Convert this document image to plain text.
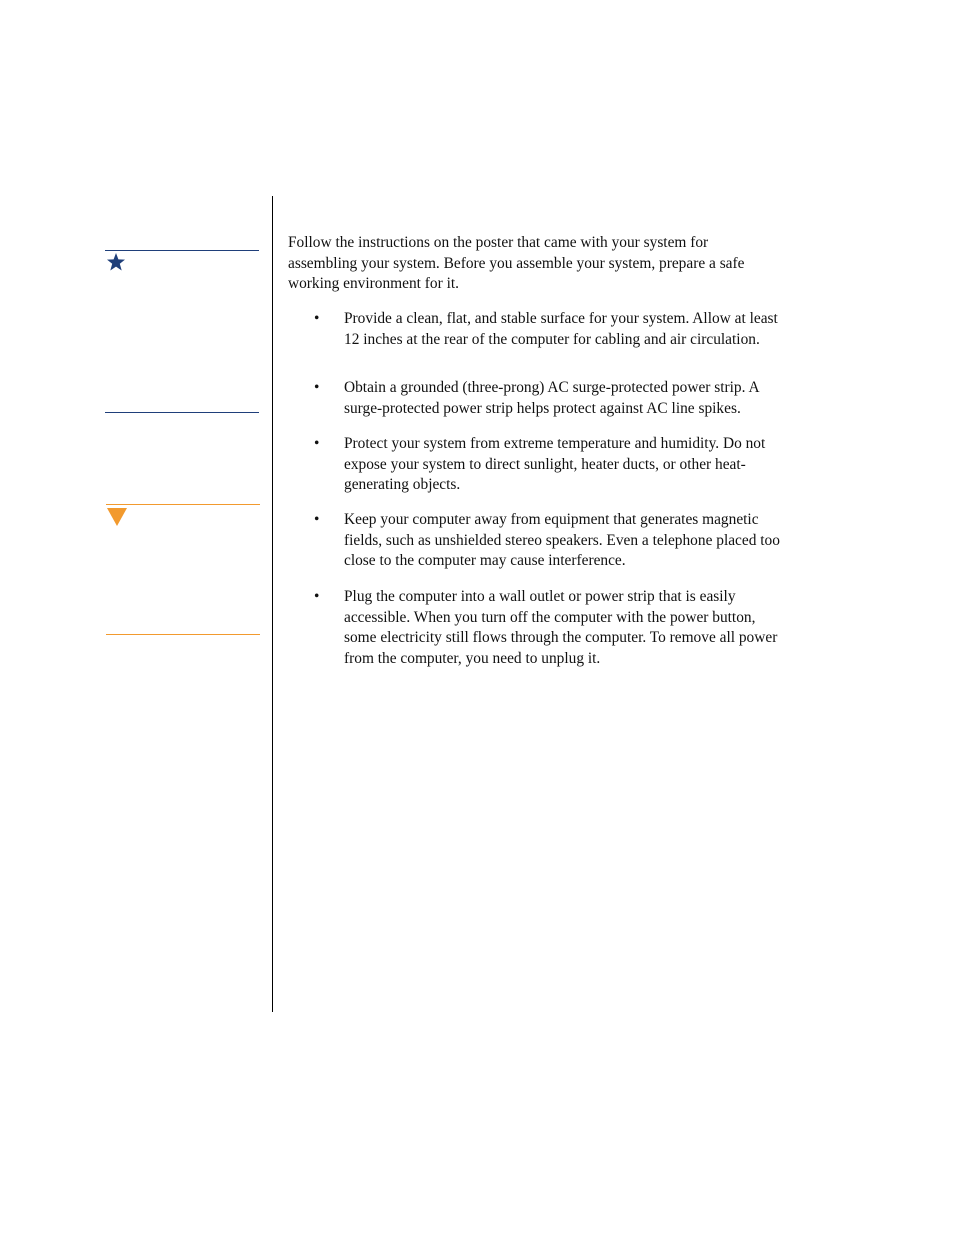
Follow the instructions on the poster that came with your system for assembling your system. Before you assemble your system, prepare a safe working environment for it.
•	Provide a clean, flat, and stable surface for your system. Allow at least 12 inches at the rear of the computer for cabling and air circulation.
•	Obtain a grounded (three-prong) AC surge-protected power strip. A surge-protected power strip helps protect against AC line spikes.
•	Protect your system from extreme temperature and humidity. Do not expose your system to direct sunlight, heater ducts, or other heat-generating objects.
•	Keep your computer away from equipment that generates magnetic fields, such as unshielded stereo speakers. Even a telephone placed too close to the computer may cause interference.
•	Plug the computer into a wall outlet or power strip that is easily accessible. When you turn off the computer with the power button, some electricity still flows through the computer. To remove all power from the computer, you need to unplug it.
